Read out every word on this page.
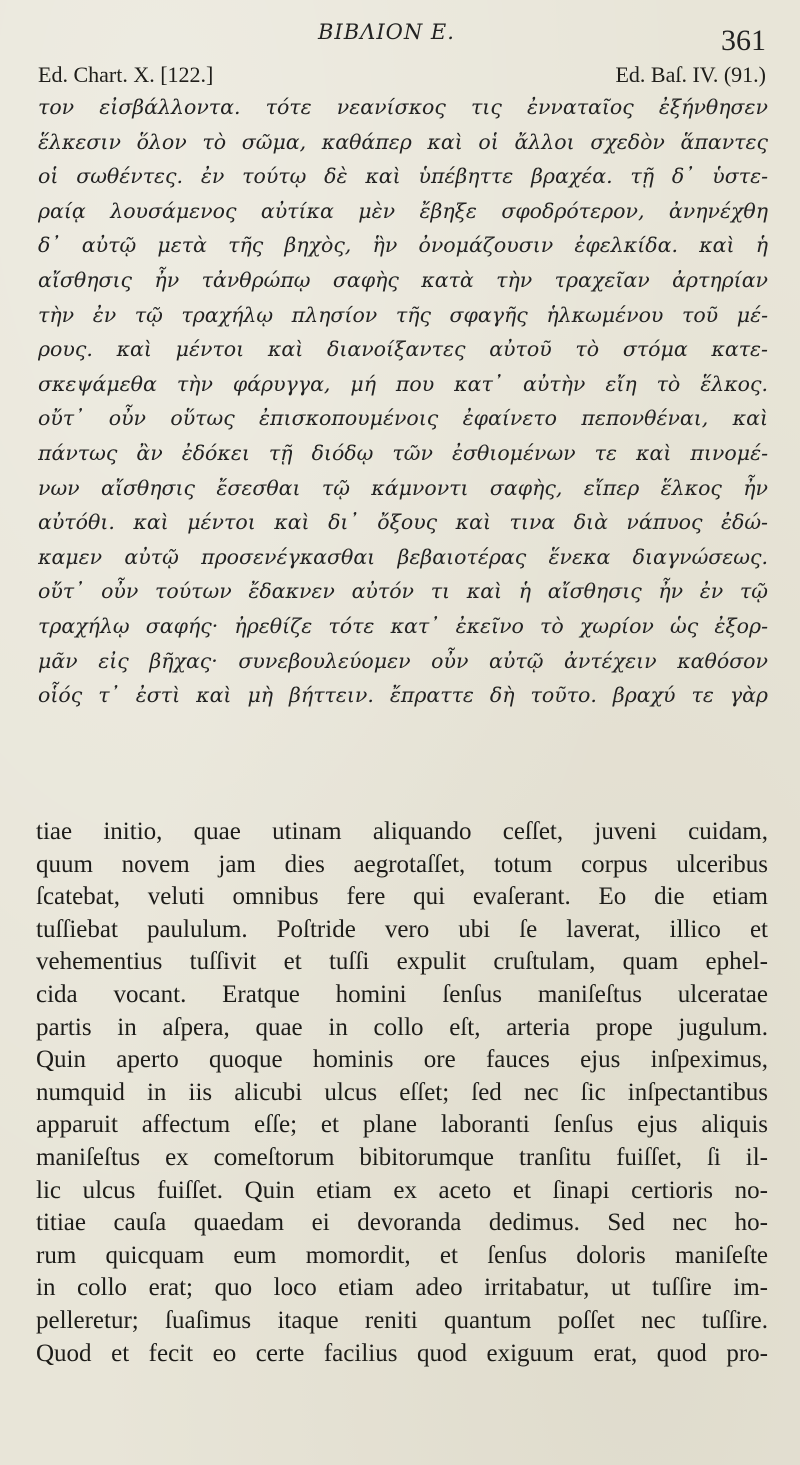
ΒΙΒΛΙΟΝ Ε.	361
Ed. Chart. X. [122.]	Ed. Baſ. IV. (91.)
τον εἰσβάλλοντα. τότε νεανίσκος τις ἐνναταῖος ἐξήνθησεν
ἕλκεσιν ὅλον τὸ σῶμα, καθάπερ καὶ οἱ ἄλλοι σχεδὸν ἅπαντες
οἱ σωθέντες. ἐν τούτῳ δὲ καὶ ὑπέβηττε βραχέα. τῇ δ᾽ ὑστε-
ραίᾳ λουσάμενος αὐτίκα μὲν ἔβηξε σφοδρότερον, ἀνηνέχθη
δ᾽ αὐτῷ μετὰ τῆς βηχὸς, ἣν ὀνομάζουσιν ἐφελκίδα. καὶ ἡ
αἴσθησις ἦν τἀνθρώπῳ σαφὴς κατὰ τὴν τραχεῖαν ἀρτηρίαν
τὴν ἐν τῷ τραχήλῳ πλησίον τῆς σφαγῆς ἡλκωμένου τοῦ μέ-
ρους. καὶ μέντοι καὶ διανοίξαντες αὐτοῦ τὸ στόμα κατε-
σκεψάμεθα τὴν φάρυγγα, μή που κατ᾽ αὐτὴν εἴη τὸ ἕλκος.
οὔτ᾽ οὖν οὕτως ἐπισκοπουμένοις ἐφαίνετο πεπονθέναι, καὶ
πάντως ἂν ἐδόκει τῇ διόδῳ τῶν ἐσθιομένων τε καὶ πινομέ-
νων αἴσθησις ἔσεσθαι τῷ κάμνοντι σαφὴς, εἴπερ ἕλκος ἦν
αὐτόθι. καὶ μέντοι καὶ δι᾽ ὄξους καὶ τινα διὰ νάπυος ἐδώ-
καμεν αὐτῷ προσενέγκασθαι βεβαιοτέρας ἕνεκα διαγνώσεως.
οὔτ᾽ οὖν τούτων ἔδακνεν αὐτόν τι καὶ ἡ αἴσθησις ἦν ἐν τῷ
τραχήλῳ σαφής· ἠρεθίζε τότε κατ᾽ ἐκεῖνο τὸ χωρίον ὡς ἐξορ-
μᾶν εἰς βῆχας· συνεβουλεύομεν οὖν αὐτῷ ἀντέχειν καθόσον
οἷός τ᾽ ἐστὶ καὶ μὴ βήττειν. ἔπραττε δὴ τοῦτο. βραχύ τε γὰρ
tiae initio, quae utinam aliquando ceſſet, juveni cuidam,
quum novem jam dies aegrotaſſet, totum corpus ulceribus
ſcatebat, veluti omnibus fere qui evaſerant. Eo die etiam
tuſſiebat paululum. Poſtride vero ubi ſe laverat, illico et
vehementius tuſſivit et tuſſi expulit cruſtulam, quam ephel-
cida vocant. Eratque homini ſenſus maniſeſtus ulceratae
partis in aſpera, quae in collo eſt, arteria prope jugulum.
Quin aperto quoque hominis ore fauces ejus inſpeximus,
numquid in iis alicubi ulcus eſſet; ſed nec ſic inſpectantibus
apparuit affectum eſſe; et plane laboranti ſenſus ejus aliquis
maniſeſtus ex comeſtorum bibitorumque tranſitu fuiſſet, ſi il-
lic ulcus fuiſſet. Quin etiam ex aceto et ſinapi certioris no-
titiae cauſa quaedam ei devoranda dedimus. Sed nec ho-
rum quicquam eum momordit, et ſenſus doloris maniſeſte
in collo erat; quo loco etiam adeo irritabatur, ut tuſſire im-
pelleretur; ſuaſimus itaque reniti quantum poſſet nec tuſſire.
Quod et fecit eo certe facilius quod exiguum erat, quod pro-
